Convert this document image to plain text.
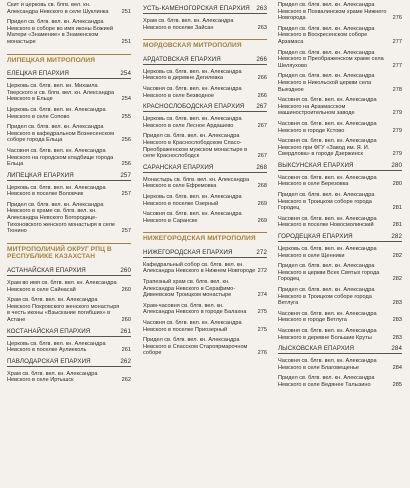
Скит и церковь св. блгв. вел. кн. Александра Невского в селе Шуклинка	251
Придел св. блгв. вел. кн. Александра Невского в соборе во имя иконы Божией Матери «Знамение» в Знаменском монастыре	251
ЛИПЕЦКАЯ МИТРОПОЛИЯ
ЕЛЕЦКАЯ ЕПАРХИЯ	254
Церковь св. блгв. вел. кн. Михаила Тверского и св. блгв. вел. кн. Александра Невского в Ельце	254
Церковь св. блгв. вел. кн. Александра Невского в селе Сопово	255
Придел св. блгв. вел. кн. Александра Невского в кафедральном Вознесенском соборе города Ельца	256
Часовня св. блгв. вел. кн. Александра Невского на городском кладбище города Ельца	256
ЛИПЕЦКАЯ ЕПАРХИЯ	257
Церковь св. блгв. вел. кн. Александра Невского в поселке Воловчик	257
Придел св. блгв. вел. кн. Александра Невского в храме св. блгв. вел. кн. Александра Невского Богородице-Тихоновского женского монастыря в селе Тюнино	257
МИТРОПОЛИЧИЙ ОКРУГ РПЦ В РЕСПУБЛИКЕ КАЗАХСТАН
АСТАНАЙСКАЯ ЕПАРХИЯ	260
Храм во имя св. блгв. вел. кн. Александра Невского в селе Сайнасай	260
Храм св. блгв. вел. кн. Александра Невского Покровского женского монастыря в честь иконы «Взыскание погибших» в Астане	260
КОСТАНАЙСКАЯ ЕПАРХИЯ	261
Церковь св. блгв. вел. кн. Александра Невского в поселке Аулиеколь	261
ПАВЛОДАРСКАЯ ЕПАРХИЯ	262
Храм св. блгв. вел. кн. Александра Невского в селе Иртышск	262
УСТЬ-КАМЕНОГОРСКАЯ ЕПАРХИЯ	263
Храм св. блгв. вел. кн. Александра Невского в поселке Зайсан	263
МОРДОВСКАЯ МИТРОПОЛИЯ
АРДАТОВСКАЯ ЕПАРХИЯ	266
Церковь св. блгв. вел. кн. Александра Невского в деревне Дегилевка	266
Часовня св. блгв. вел. кн. Александра Невского в селе Безводное	266
КРАСНОСЛОБОДСКАЯ ЕПАРХИЯ	267
Церковь св. блгв. вел. кн. Александра Невского в селе Лесное Ардашево	267
Придел св. блгв. вел. кн. Александра Невского в Краснослободском Спасо-Преображенском мужском монастыре в селе Краснослободск	267
САРАНСКАЯ ЕПАРХИЯ	268
Монастырь св. блгв. вел. кн. Александра Невского в селе Ефремовка	268
Церковь св. блгв. вел. кн. Александра Невского в поселке Озерный	269
Часовня св. блгв. вел. кн. Александра Невского в Саранске	269
НИЖЕГОРОДСКАЯ МИТРОПОЛИЯ
НИЖЕГОРОДСКАЯ ЕПАРХИЯ	272
Кафедральный собор св. блгв. вел. кн. Александра Невского в Нижнем Новгороде 272
Трапезный храм св. блгв. вел. кн. Александра Невского в Серафимо-Дивеевском Троицком монастыре	274
Храм-часовня св. блгв. вел. кн. Александра Невского в городе Балахна	275
Часовня св. блгв. вел. кн. Александра Невского в поселке Приозерный	275
Придел св. блгв. вел. кн. Александра Невского в Спасском Староярмарочном соборе	276
Придел св. блгв. вел. кн. Александра Невского в Похвалинском храме Нижнего Новгорода	276
Придел св. блгв. вел. кн. Александра Невского в Воскресенском соборе Арзамаса	277
Придел св. блгв. вел. кн. Александра Невского в Преображенском храме села Шеляухово	277
Придел св. блгв. вел. кн. Александра Невского в Никольской церкви села Выездное	278
Часовня св. блгв. вел. кн. Александра Невского на Арзамасском машиностроительном заводе	279
Часовня св. блгв. вел. кн. Александра Невского в городе Кстово	279
Часовня св. блгв. вел. кн. Александра Невского при ФГУ «Завод им. Я. И. Свердлова» в городе Дзержинск	279
ВЫКСУНСКАЯ ЕПАРХИЯ	280
Часовня св. блгв. вел. кн. Александра Невского в селе Березовка	280
Придел св. блгв. вел. кн. Александра Невского в Троицком соборе города Городец	281
Часовня св. блгв. вел. кн. Александра Невского в поселке Новосмолинский	281
ГОРОДЕЦКАЯ ЕПАРХИЯ	282
Церковь св. блгв. вел. кн. Александра Невского в селе Щенники	282
Придел св. блгв. вел. кн. Александра Невского в церкви Всех Святых города Городец	282
Придел св. блгв. вел. кн. Александра Невского в Троицком соборе города Ветлуга	283
Часовня св. блгв. вел. кн. Александра Невского в городе Ветлуга	283
Часовня св. блгв. вел. кн. Александра Невского в деревне Большие Круты	283
ЛЫСКОВСКАЯ ЕПАРХИЯ	284
Часовня св. блгв. вел. кн. Александра Невского в селе Благовещенье	284
Придел св. блгв. вел. кн. Александра Невского в селе Ведянее Талызино	285
